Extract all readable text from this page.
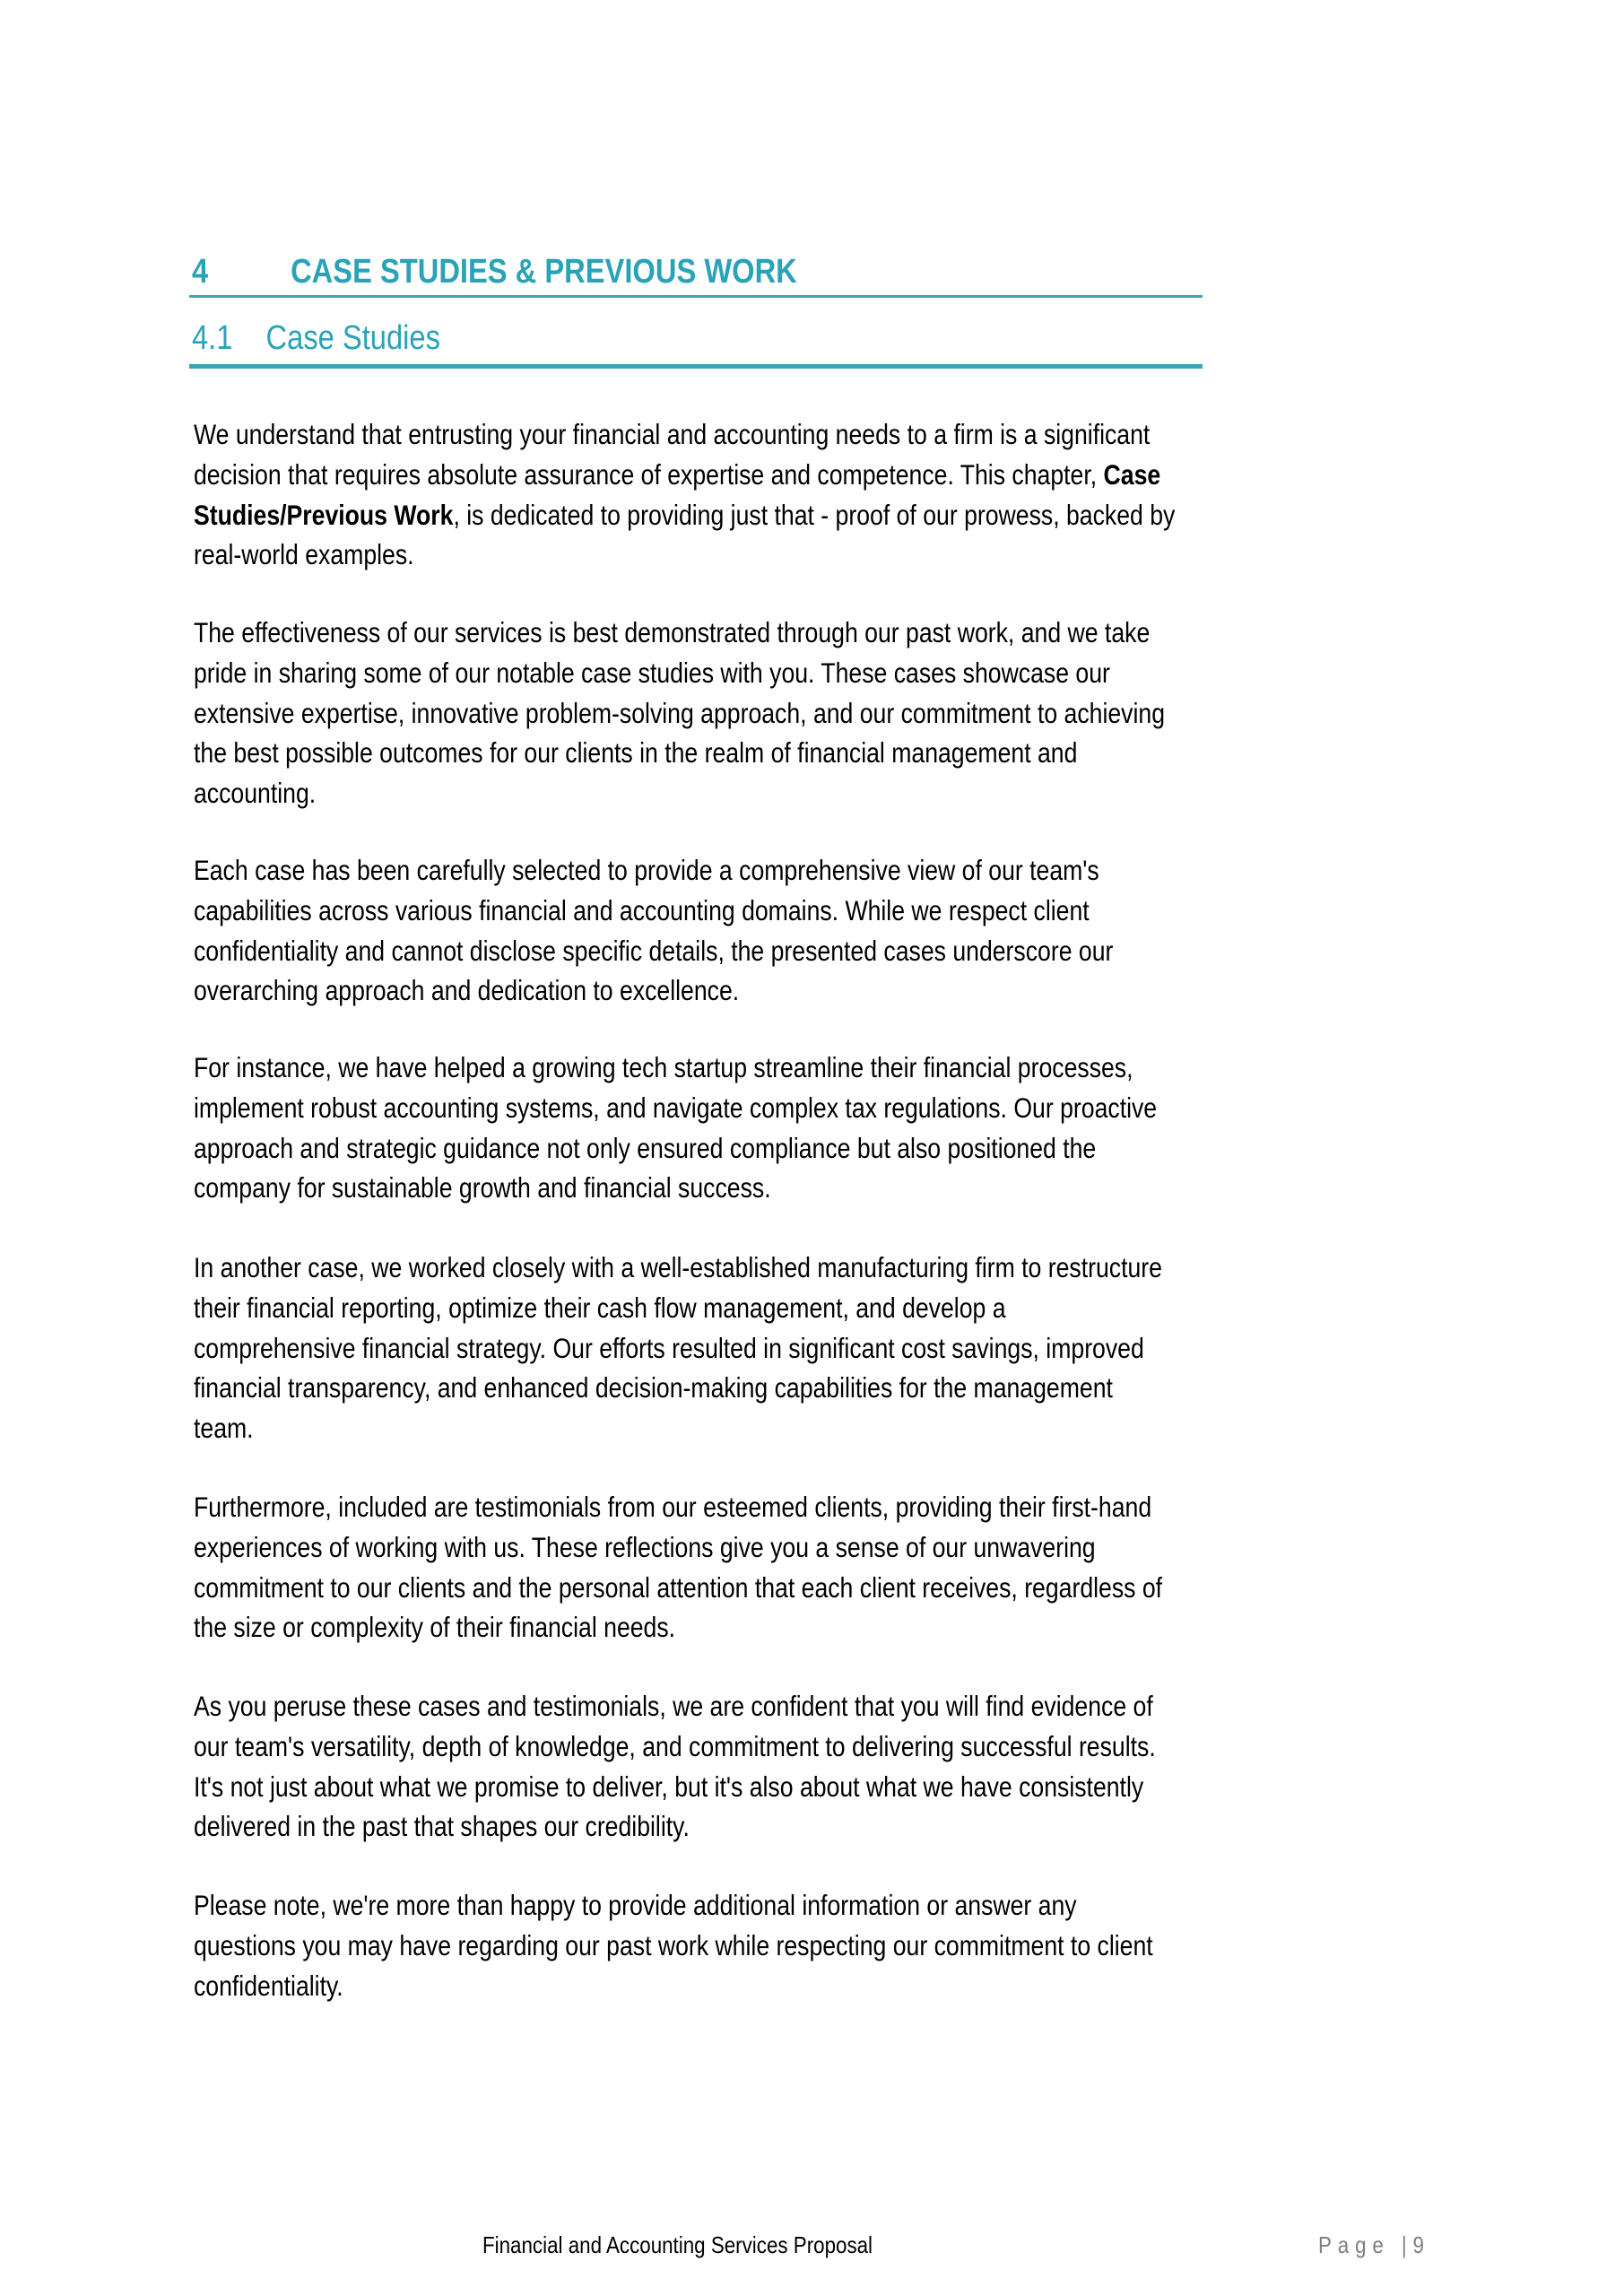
4 CASE STUDIES & PREVIOUS WORK
4.1 Case Studies
We understand that entrusting your financial and accounting needs to a firm is a significant
decision that requires absolute assurance of expertise and competence. This chapter, Case
Studies/Previous Work, is dedicated to providing just that - proof of our prowess, backed by
real-world examples.
The effectiveness of our services is best demonstrated through our past work, and we take
pride in sharing some of our notable case studies with you. These cases showcase our
extensive expertise, innovative problem-solving approach, and our commitment to achieving
the best possible outcomes for our clients in the realm of financial management and
accounting.
Each case has been carefully selected to provide a comprehensive view of our team's
capabilities across various financial and accounting domains. While we respect client
confidentiality and cannot disclose specific details, the presented cases underscore our
overarching approach and dedication to excellence.
For instance, we have helped a growing tech startup streamline their financial processes,
implement robust accounting systems, and navigate complex tax regulations. Our proactive
approach and strategic guidance not only ensured compliance but also positioned the
company for sustainable growth and financial success.
In another case, we worked closely with a well-established manufacturing firm to restructure
their financial reporting, optimize their cash flow management, and develop a
comprehensive financial strategy. Our efforts resulted in significant cost savings, improved
financial transparency, and enhanced decision-making capabilities for the management
team.
Furthermore, included are testimonials from our esteemed clients, providing their first-hand
experiences of working with us. These reflections give you a sense of our unwavering
commitment to our clients and the personal attention that each client receives, regardless of
the size or complexity of their financial needs.
As you peruse these cases and testimonials, we are confident that you will find evidence of
our team's versatility, depth of knowledge, and commitment to delivering successful results.
It's not just about what we promise to deliver, but it's also about what we have consistently
delivered in the past that shapes our credibility.
Please note, we're more than happy to provide additional information or answer any
questions you may have regarding our past work while respecting our commitment to client
confidentiality.
Financial and Accounting Services Proposal	Page |9
